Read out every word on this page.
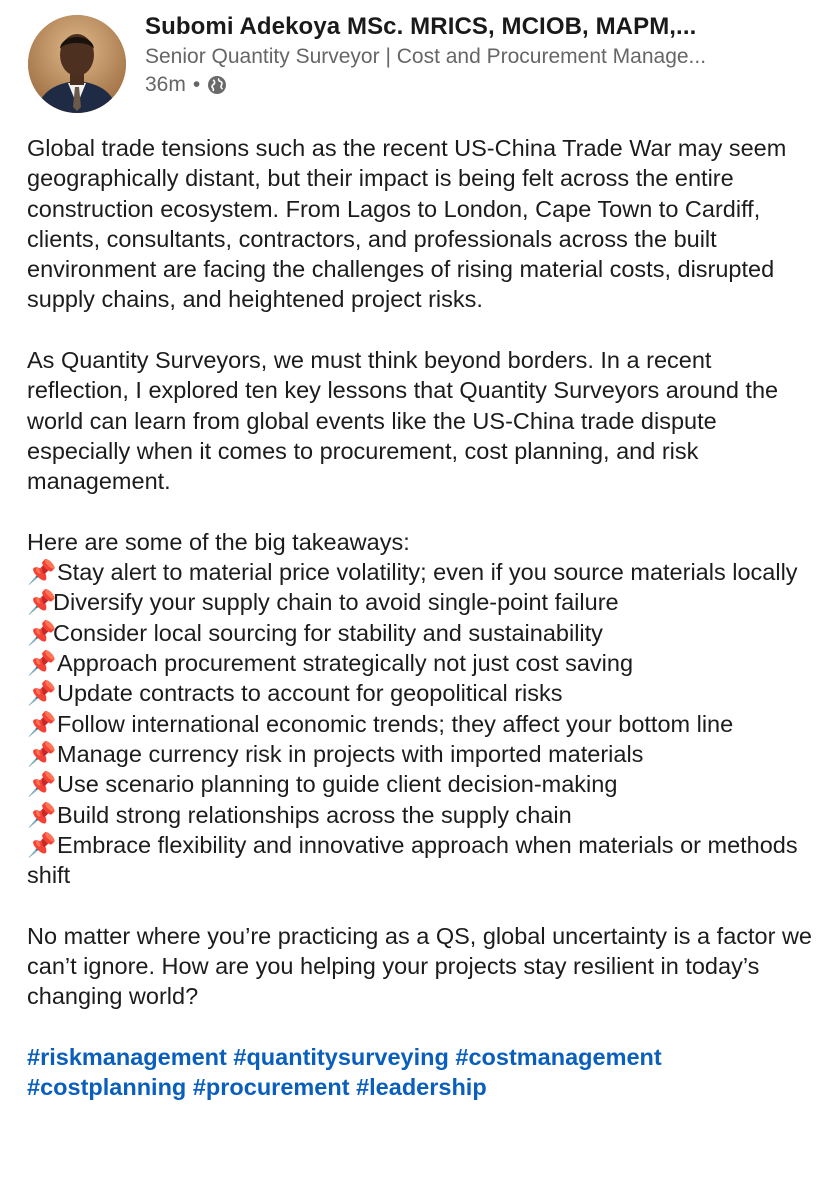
Subomi Adekoya MSc. MRICS, MCIOB, MAPM,...
Senior Quantity Surveyor | Cost and Procurement Manage...
36m •

Global trade tensions such as the recent US-China Trade War may seem geographically distant, but their impact is being felt across the entire construction ecosystem. From Lagos to London, Cape Town to Cardiff, clients, consultants, contractors, and professionals across the built environment are facing the challenges of rising material costs, disrupted supply chains, and heightened project risks.

As Quantity Surveyors, we must think beyond borders. In a recent reflection, I explored ten key lessons that Quantity Surveyors around the world can learn from global events like the US-China trade dispute especially when it comes to procurement, cost planning, and risk management.

Here are some of the big takeaways:

📌Stay alert to material price volatility; even if you source materials locally
📌Diversify your supply chain to avoid single-point failure
📌Consider local sourcing for stability and sustainability
📌Approach procurement strategically not just cost saving
📌Update contracts to account for geopolitical risks
📌Follow international economic trends; they affect your bottom line
📌Manage currency risk in projects with imported materials
📌Use scenario planning to guide client decision-making
📌Build strong relationships across the supply chain
📌Embrace flexibility and innovative approach when materials or methods shift

No matter where you’re practicing as a QS, global uncertainty is a factor we can’t ignore. How are you helping your projects stay resilient in today’s changing world?

#riskmanagement #quantitysurveying #costmanagement #costplanning #procurement #leadership
